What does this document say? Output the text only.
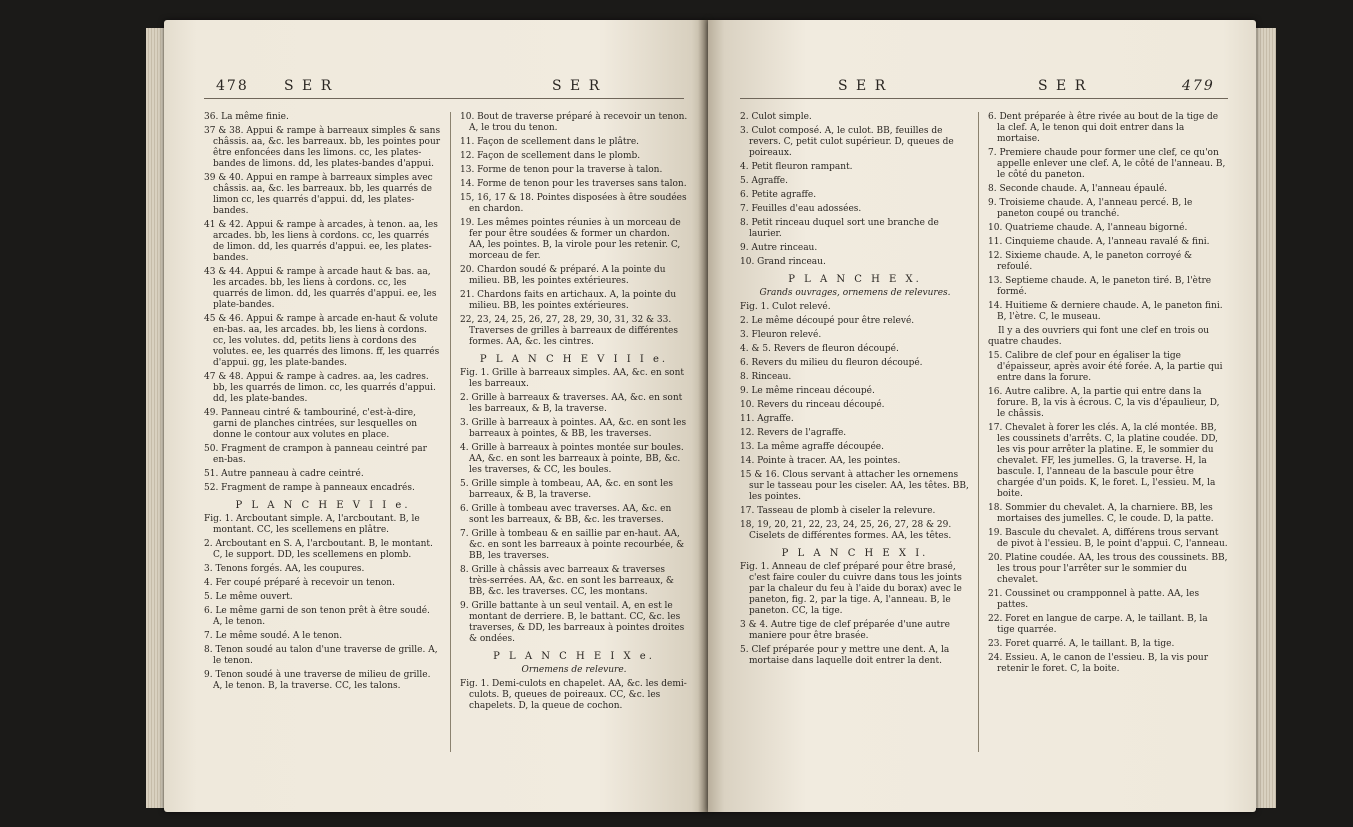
478	S E R	S E R

36. La même finie.

37 & 38. Appui & rampe à barreaux simples & sans châssis. aa, &c. les barreaux. bb, les pointes pour être enfoncées dans les limons. cc, les plates-bandes de limons. dd, les plates-bandes d'appui.

39 & 40. Appui en rampe à barreaux simples avec châssis. aa, &c. les barreaux. bb, les quarrés de limon cc, les quarrés d'appui. dd, les plates-bandes.

41 & 42. Appui & rampe à arcades, à tenon. aa, les arcades. bb, les liens à cordons. cc, les quarrés de limon. dd, les quarrés d'appui. ee, les plates-bandes.

43 & 44. Appui & rampe à arcade haut & bas. aa, les arcades. bb, les liens à cordons. cc, les quarrés de limon. dd, les quarrés d'appui. ee, les plate-bandes.

45 & 46. Appui & rampe à arcade en-haut & volute en-bas. aa, les arcades. bb, les liens à cordons. cc, les volutes. dd, petits liens à cordons des volutes. ee, les quarrés des limons. ff, les quarrés d'appui. gg, les plate-bandes.

47 & 48. Appui & rampe à cadres. aa, les cadres. bb, les quarrés de limon. cc, les quarrés d'appui. dd, les plate-bandes.

49. Panneau cintré & tambouriné, c'est-à-dire, garni de planches cintrées, sur lesquelles on donne le contour aux volutes en place.

50. Fragment de crampon à panneau ceintré par en-bas.

51. Autre panneau à cadre ceintré.

52. Fragment de rampe à panneaux encadrés.

P L A N C H E V I I e.

Fig. 1. Arcboutant simple. A, l'arcboutant. B, le montant. CC, les scellemens en plâtre.

2. Arcboutant en S. A, l'arcboutant. B, le montant. C, le support. DD, les scellemens en plomb.

3. Tenons forgés. AA, les coupures.

4. Fer coupé préparé à recevoir un tenon.

5. Le même ouvert.

6. Le même garni de son tenon prêt à être soudé. A, le tenon.

7. Le même soudé. A le tenon.

8. Tenon soudé au talon d'une traverse de grille. A, le tenon.

9. Tenon soudé à une traverse de milieu de grille. A, le tenon. B, la traverse. CC, les talons.

10. Bout de traverse préparé à recevoir un tenon. A, le trou du tenon.

11. Façon de scellement dans le plâtre.

12. Façon de scellement dans le plomb.

13. Forme de tenon pour la traverse à talon.

14. Forme de tenon pour les traverses sans talon.

15, 16, 17 & 18. Pointes disposées à être soudées en chardon.

19. Les mêmes pointes réunies à un morceau de fer pour être soudées & former un chardon. AA, les pointes. B, la virole pour les retenir. C, morceau de fer.

20. Chardon soudé & préparé. A la pointe du milieu. BB, les pointes extérieures.

21. Chardons faits en artichaux. A, la pointe du milieu. BB, les pointes extérieures.

22, 23, 24, 25, 26, 27, 28, 29, 30, 31, 32 & 33. Traverses de grilles à barreaux de différentes formes. AA, &c. les cintres.

P L A N C H E V I I I e.

Fig. 1. Grille à barreaux simples. AA, &c. en sont les barreaux.

2. Grille à barreaux & traverses. AA, &c. en sont les barreaux, & B, la traverse.

3. Grille à barreaux à pointes. AA, &c. en sont les barreaux à pointes, & BB, les traverses.

4. Grille à barreaux à pointes montée sur boules. AA, &c. en sont les barreaux à pointe, BB, &c. les traverses, & CC, les boules.

5. Grille simple à tombeau, AA, &c. en sont les barreaux, & B, la traverse.

6. Grille à tombeau avec traverses. AA, &c. en sont les barreaux, & BB, &c. les traverses.

7. Grille à tombeau & en saillie par en-haut. AA, &c. en sont les barreaux à pointe recourbée, & BB, les traverses.

8. Grille à châssis avec barreaux & traverses très-serrées. AA, &c. en sont les barreaux, & BB, &c. les traverses. CC, les montans.

9. Grille battante à un seul ventail. A, en est le montant de derriere. B, le battant. CC, &c. les traverses, & DD, les barreaux à pointes droites & ondées.

P L A N C H E I X e.
Ornemens de relevure.

Fig. 1. Demi-culots en chapelet. AA, &c. les demi-culots. B, queues de poireaux. CC, &c. les chapelets. D, la queue de cochon.

S E R	S E R	479

2. Culot simple.

3. Culot composé. A, le culot. BB, feuilles de revers. C, petit culot supérieur. D, queues de poireaux.

4. Petit fleuron rampant.

5. Agraffe.

6. Petite agraffe.

7. Feuilles d'eau adossées.

8. Petit rinceau duquel sort une branche de laurier.

9. Autre rinceau.

10. Grand rinceau.

P L A N C H E X.
Grands ouvrages, ornemens de relevures.

Fig. 1. Culot relevé.

2. Le même découpé pour être relevé.

3. Fleuron relevé.

4. & 5. Revers de fleuron découpé.

6. Revers du milieu du fleuron découpé.

8. Rinceau.

9. Le même rinceau découpé.

10. Revers du rinceau découpé.

11. Agraffe.

12. Revers de l'agraffe.

13. La même agraffe découpée.

14. Pointe à tracer. AA, les pointes.

15 & 16. Clous servant à attacher les ornemens sur le tasseau pour les ciseler. AA, les têtes. BB, les pointes.

17. Tasseau de plomb à ciseler la relevure.

18, 19, 20, 21, 22, 23, 24, 25, 26, 27, 28 & 29. Ciselets de différentes formes. AA, les têtes.

P L A N C H E X I.

Fig. 1. Anneau de clef préparé pour être brasé, c'est faire couler du cuivre dans tous les joints par la chaleur du feu à l'aide du borax) avec le paneton, fig. 2, par la tige. A, l'anneau. B, le paneton. CC, la tige.

3 & 4. Autre tige de clef préparée d'une autre maniere pour être brasée.

5. Clef préparée pour y mettre une dent. A, la mortaise dans laquelle doit entrer la dent.

6. Dent préparée à être rivée au bout de la tige de la clef. A, le tenon qui doit entrer dans la mortaise.

7. Premiere chaude pour former une clef, ce qu'on appelle enlever une clef. A, le côté de l'anneau. B, le côté du paneton.

8. Seconde chaude. A, l'anneau épaulé.

9. Troisieme chaude. A, l'anneau percé. B, le paneton coupé ou tranché.

10. Quatrieme chaude. A, l'anneau bigorné.

11. Cinquieme chaude. A, l'anneau ravalé & fini.

12. Sixieme chaude. A, le paneton corroyé & refoulé.

13. Septieme chaude. A, le paneton tiré. B, l'ètre formé.

14. Huitieme & derniere chaude. A, le paneton fini. B, l'ètre. C, le museau.

Il y a des ouvriers qui font une clef en trois ou quatre chaudes.

15. Calibre de clef pour en égaliser la tige d'épaisseur, après avoir été forée. A, la partie qui entre dans la forure.

16. Autre calibre. A, la partie qui entre dans la forure. B, la vis à écrous. C, la vis d'épaulieur, D, le châssis.

17. Chevalet à forer les clés. A, la clé montée. BB, les coussinets d'arrêts. C, la platine coudée. DD, les vis pour arrêter la platine. E, le sommier du chevalet. FF, les jumelles. G, la traverse. H, la bascule. I, l'anneau de la bascule pour être chargée d'un poids. K, le foret. L, l'essieu. M, la boite.

18. Sommier du chevalet. A, la charniere. BB, les mortaises des jumelles. C, le coude. D, la patte.

19. Bascule du chevalet. A, différens trous servant de pivot à l'essieu. B, le point d'appui. C, l'anneau.

20. Platine coudée. AA, les trous des coussinets. BB, les trous pour l'arrêter sur le sommier du chevalet.

21. Coussinet ou crampponnel à patte. AA, les pattes.

22. Foret en langue de carpe. A, le taillant. B, la tige quarrée.

23. Foret quarré. A, le taillant. B, la tige.

24. Essieu. A, le canon de l'essieu. B, la vis pour retenir le foret. C, la boite.
